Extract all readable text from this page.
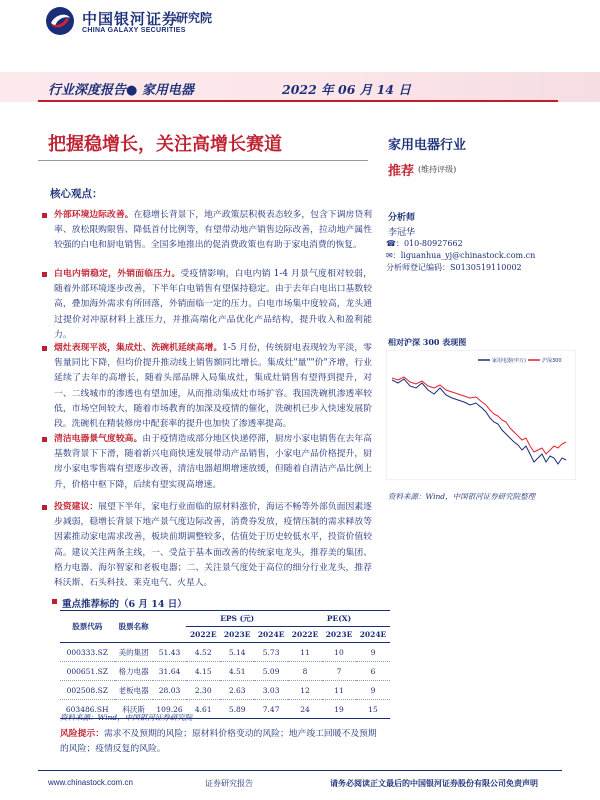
中国银河证券
CHINA GALAXY SECURITIES
研究院
行业深度报告● 家用电器	2022 年 06 月 14 日
把握稳增长，关注高增长赛道	家用电器行业
推荐 (维持评级)
分析师
李冠华
☎：010-80927662
✉：liguanhua_yj@chinastock.com.cn
分析师登记编码：S0130519110002
相对沪深 300 表现图
家用电器(申万)	沪深300
资料来源：Wind，中国银河证券研究院整理
核心观点：
外部环境边际改善。在稳增长背景下，地产政策层积极表态较多，包含下调房贷利率、放松限购限售、降低首付比例等，有望带动地产销售边际改善，拉动地产属性较强的白电和厨电销售。全国多地推出的促消费政策也有助于家电消费的恢复。
白电内销稳定，外销面临压力。受疫情影响，白电内销 1-4 月景气度相对较弱，随着外部环境逐步改善，下半年白电销售有望保持稳定。由于去年白电出口基数较高，叠加海外需求有所回落，外销面临一定的压力。白电市场集中度较高，龙头通过提价对冲原材料上涨压力，并推高端化产品优化产品结构，提升收入和盈利能力。
烟灶表现平淡，集成灶、洗碗机延续高增。1-5 月份，传统厨电表现较为平淡，零售量同比下降，但均价提升推动线上销售额同比增长。集成灶"量""价"齐增，行业延续了去年的高增长，随着头部品牌入局集成灶，集成灶销售有望得到提升，对一、二线城市的渗透也有望加速，从而推动集成灶市场扩容。我国洗碗机渗透率较低，市场空间较大，随着市场教育的加深及疫情的催化，洗碗机已步入快速发展阶段。洗碗机在精装修房中配套率的提升也加快了渗透率提高。
清洁电器景气度较高。由于疫情造成部分地区快递停滞，厨房小家电销售在去年高基数背景下下滑，随着新兴电商快速发展带动产品销售，小家电产品价格提升，厨房小家电零售端有望逐步改善，清洁电器超期增速放缓，但随着自清洁产品比例上升，价格中枢下降，后续有望实现高增速。
投资建议：展望下半年，家电行业面临的原材料涨价，海运不畅等外部负面因素逐步减弱，稳增长背景下地产景气度边际改善，消费券发放，疫情压制的需求释放等因素推动家电需求改善，板块前期调整较多，估值处于历史较低水平，投资价值较高。建议关注两条主线，一、受益于基本面改善的传统家电龙头，推荐美的集团、格力电器、海尔智家和老板电器；二、关注景气度处于高位的细分行业龙头，推荐科沃斯、石头科技、莱克电气、火星人。
重点推荐标的（6 月 14 日）
股票代码	股票名称		EPS (元)			PE(X)		
			2022E	2023E	2024E	2022E	2023E	2024E
000333.SZ	美的集团	51.43	4.52	5.14	5.73	11	10	9
000651.SZ	格力电器	31.64	4.15	4.51	5.09	8	7	6
002508.SZ	老板电器	28.03	2.30	2.63	3.03	12	11	9
603486.SH	科沃斯	109.26	4.61	5.89	7.47	24	19	15
资料来源：Wind，中国银河证券研究院
风险提示：需求不及预期的风险；原材料价格变动的风险；地产竣工回暖不及预期的风险；疫情反复的风险。
www.chinastock.com.cn	证券研究报告	请务必阅读正文最后的中国银河证券股份有限公司免责声明
